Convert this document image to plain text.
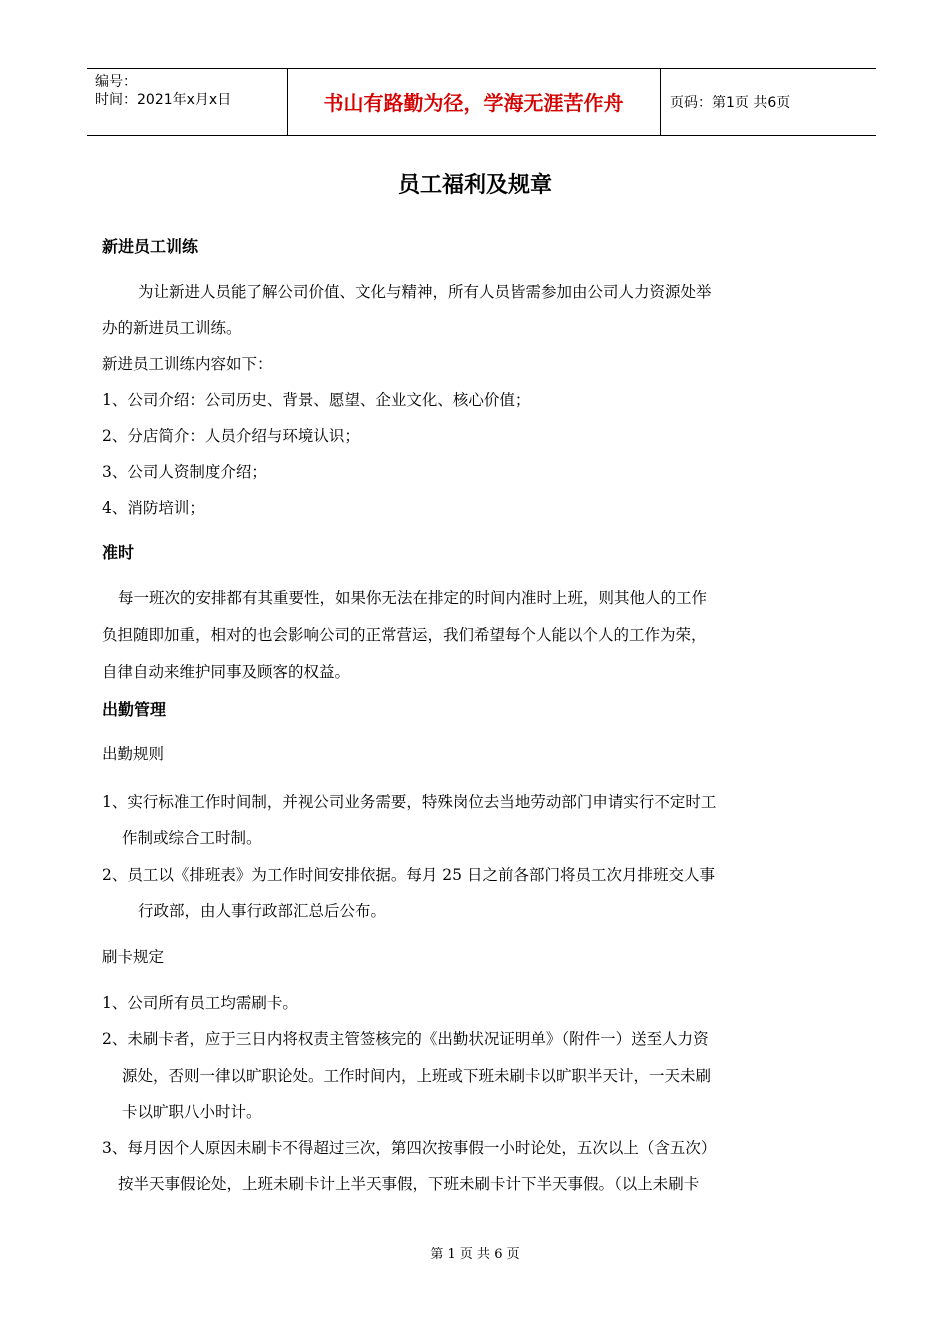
编号：
时间：2021年x月x日	书山有路勤为径，学海无涯苦作舟	页码：第1页 共6页
员工福利及规章
新进员工训练
为让新进人员能了解公司价值、文化与精神，所有人员皆需参加由公司人力资源处举
办的新进员工训练。
新进员工训练内容如下：
1、公司介绍：公司历史、背景、愿望、企业文化、核心价值；
2、分店简介：人员介绍与环境认识；
3、公司人资制度介绍；
4、消防培训；
准时
每一班次的安排都有其重要性，如果你无法在排定的时间内准时上班，则其他人的工作
负担随即加重，相对的也会影响公司的正常营运，我们希望每个人能以个人的工作为荣，
自律自动来维护同事及顾客的权益。
出勤管理
出勤规则
1、实行标准工作时间制，并视公司业务需要，特殊岗位去当地劳动部门申请实行不定时工
作制或综合工时制。
2、员工以《排班表》为工作时间安排依据。每月 25 日之前各部门将员工次月排班交人事
行政部，由人事行政部汇总后公布。
刷卡规定
1、公司所有员工均需刷卡。
2、未刷卡者，应于三日内将权责主管签核完的《出勤状况证明单》（附件一）送至人力资
源处，否则一律以旷职论处。工作时间内，上班或下班未刷卡以旷职半天计，一天未刷
卡以旷职八小时计。
3、每月因个人原因未刷卡不得超过三次，第四次按事假一小时论处，五次以上（含五次）
按半天事假论处，上班未刷卡计上半天事假，下班未刷卡计下半天事假。（以上未刷卡
第 1 页 共 6 页
